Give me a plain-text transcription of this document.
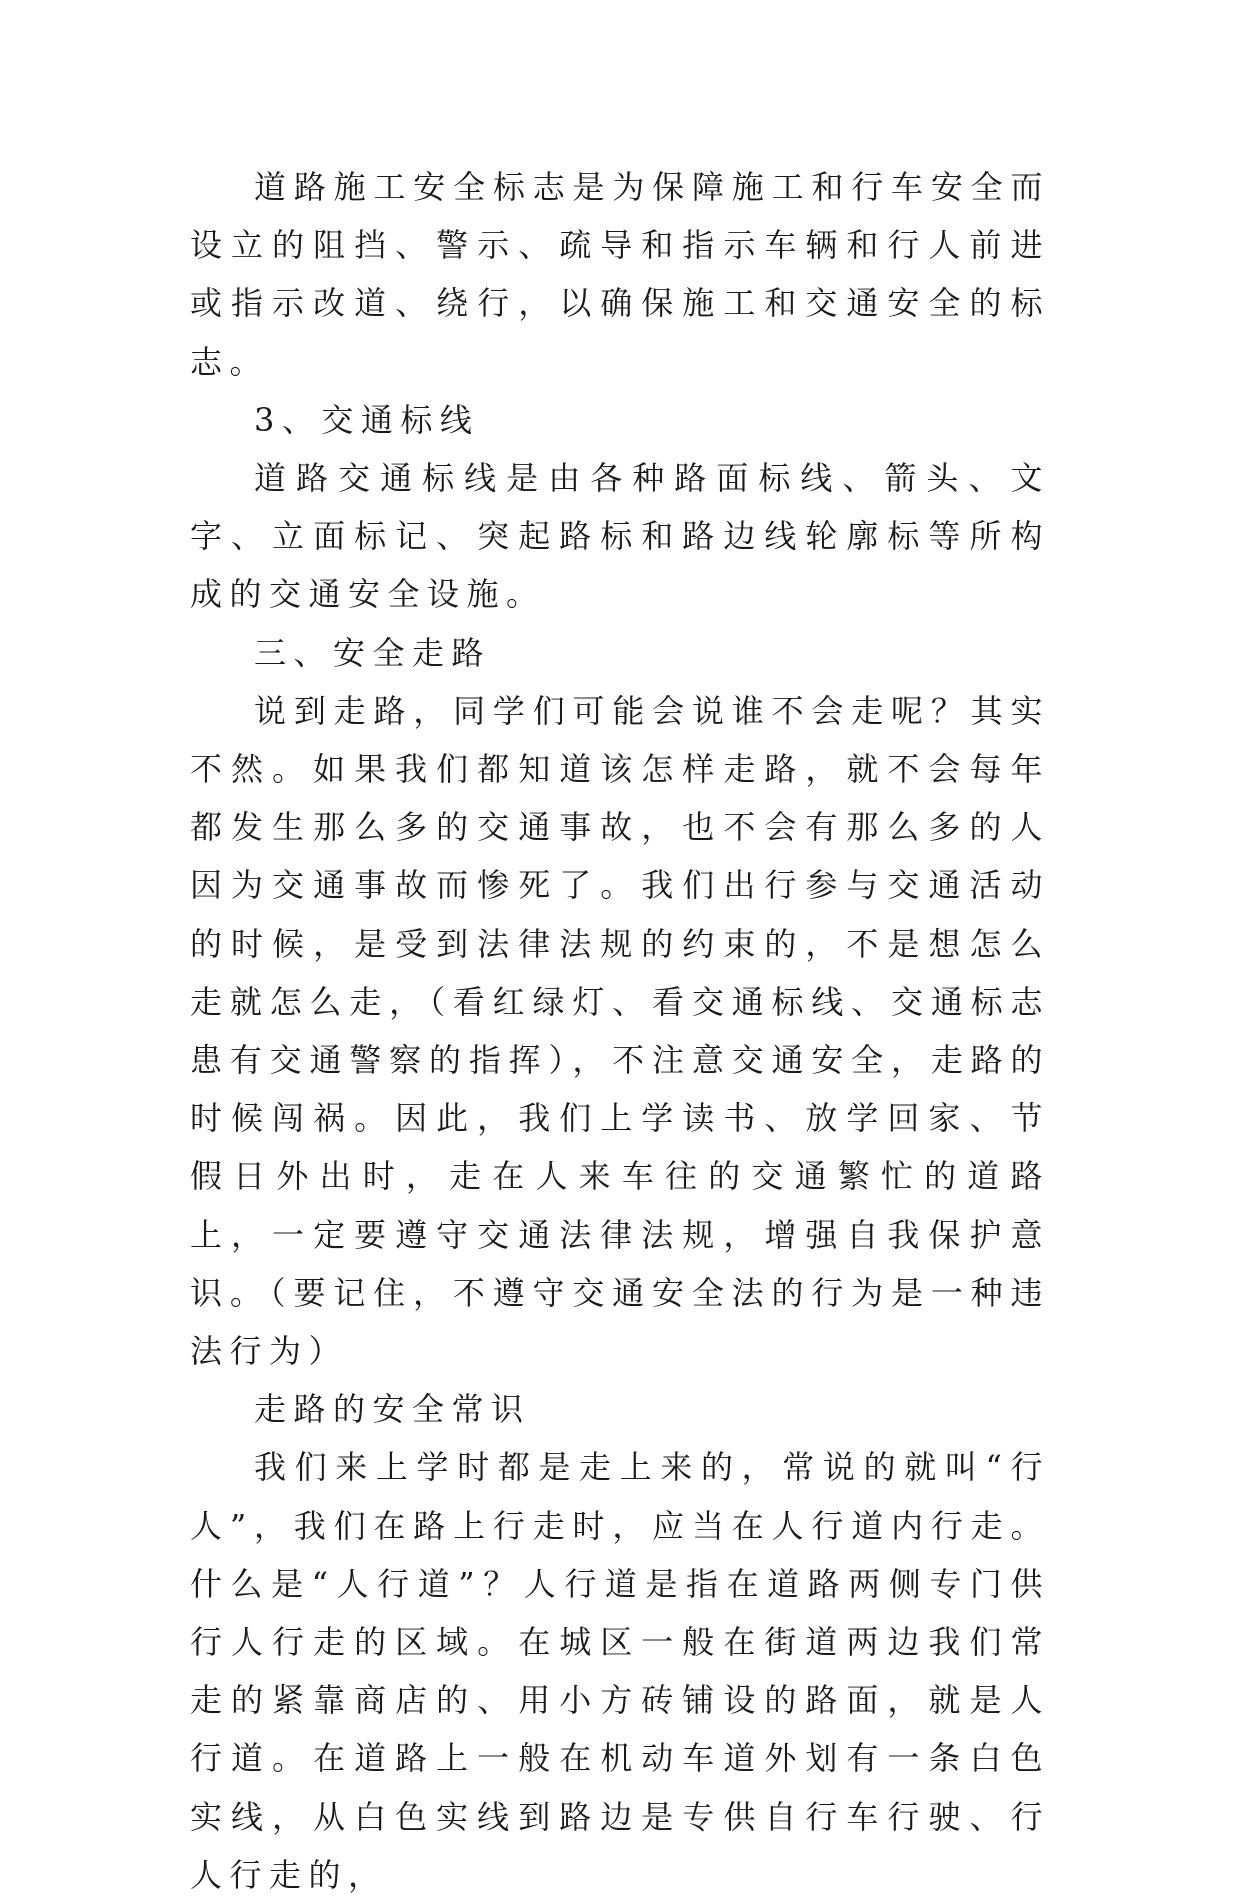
道路施工安全标志是为保障施工和行车安全而设立的阻挡、警示、疏导和指示车辆和行人前进或指示改道、绕行，以确保施工和交通安全的标志。

3、交通标线

道路交通标线是由各种路面标线、箭头、文字、立面标记、突起路标和路边线轮廓标等所构成的交通安全设施。

三、安全走路

说到走路，同学们可能会说谁不会走呢？其实不然。如果我们都知道该怎样走路，就不会每年都发生那么多的交通事故，也不会有那么多的人因为交通事故而惨死了。我们出行参与交通活动的时候，是受到法律法规的约束的，不是想怎么走就怎么走，（看红绿灯、看交通标线、交通标志患有交通警察的指挥），不注意交通安全，走路的时候闯祸。因此，我们上学读书、放学回家、节假日外出时，走在人来车往的交通繁忙的道路上，一定要遵守交通法律法规，增强自我保护意识。（要记住，不遵守交通安全法的行为是一种违法行为）

走路的安全常识

我们来上学时都是走上来的，常说的就叫“行人”，我们在路上行走时，应当在人行道内行走。什么是“人行道”？人行道是指在道路两侧专门供行人行走的区域。在城区一般在街道两边我们常走的紧靠商店的、用小方砖铺设的路面，就是人行道。在道路上一般在机动车道外划有一条白色实线，从白色实线到路边是专供自行车行驶、行人行走的，
